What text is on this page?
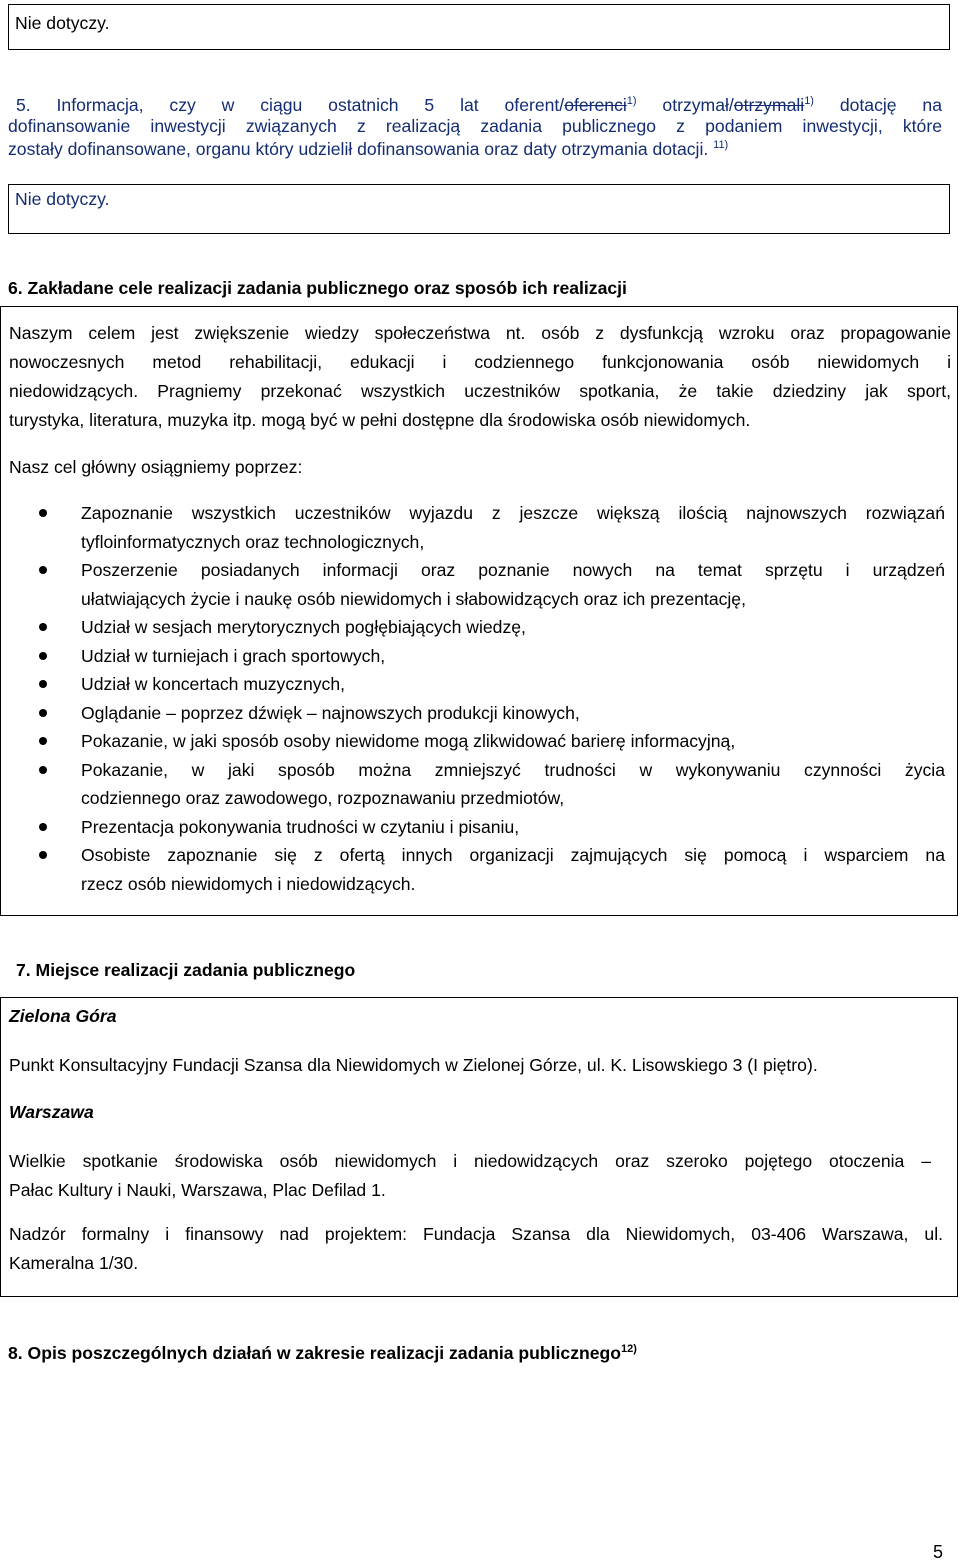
Nie dotyczy.
5. Informacja, czy w ciągu ostatnich 5 lat oferent/oferenci$^{1)}$ otrzymał/otrzymali$^{1)}$ dotację na
dofinansowanie inwestycji związanych z realizacją zadania publicznego z podaniem inwestycji, które
zostały dofinansowane, organu który udzielił dofinansowania oraz daty otrzymania dotacji. $^{11)}$
Nie dotyczy.
6. Zakładane cele realizacji zadania publicznego oraz sposób ich realizacji
Naszym celem jest zwiększenie wiedzy społeczeństwa nt. osób z dysfunkcją wzroku oraz propagowanie
nowoczesnych metod rehabilitacji, edukacji i codziennego funkcjonowania osób niewidomych i
niedowidzących. Pragniemy przekonać wszystkich uczestników spotkania, że takie dziedziny jak sport,
turystyka, literatura, muzyka itp. mogą być w pełni dostępne dla środowiska osób niewidomych.
Nasz cel główny osiągniemy poprzez:
Zapoznanie wszystkich uczestników wyjazdu z jeszcze większą ilością najnowszych rozwiązań
tyfloinformatycznych oraz technologicznych,
Poszerzenie posiadanych informacji oraz poznanie nowych na temat sprzętu i urządzeń
ułatwiających życie i naukę osób niewidomych i słabowidzących oraz ich prezentację,
Udział w sesjach merytorycznych pogłębiających wiedzę,
Udział w turniejach i grach sportowych,
Udział w koncertach muzycznych,
Oglądanie – poprzez dźwięk – najnowszych produkcji kinowych,
Pokazanie, w jaki sposób osoby niewidome mogą zlikwidować barierę informacyjną,
Pokazanie, w jaki sposób można zmniejszyć trudności w wykonywaniu czynności życia
codziennego oraz zawodowego, rozpoznawaniu przedmiotów,
Prezentacja pokonywania trudności w czytaniu i pisaniu,
Osobiste zapoznanie się z ofertą innych organizacji zajmujących się pomocą i wsparciem na
rzecz osób niewidomych i niedowidzących.
7. Miejsce realizacji zadania publicznego
Zielona Góra
Punkt Konsultacyjny Fundacji Szansa dla Niewidomych w Zielonej Górze, ul. K. Lisowskiego 3 (I piętro).
Warszawa
Wielkie spotkanie środowiska osób niewidomych i niedowidzących oraz szeroko pojętego otoczenia –
Pałac Kultury i Nauki, Warszawa, Plac Defilad 1.
Nadzór formalny i finansowy nad projektem: Fundacja Szansa dla Niewidomych, 03-406 Warszawa, ul.
Kameralna 1/30.
8. Opis poszczególnych działań w zakresie realizacji zadania publicznego$^{12)}$
5
